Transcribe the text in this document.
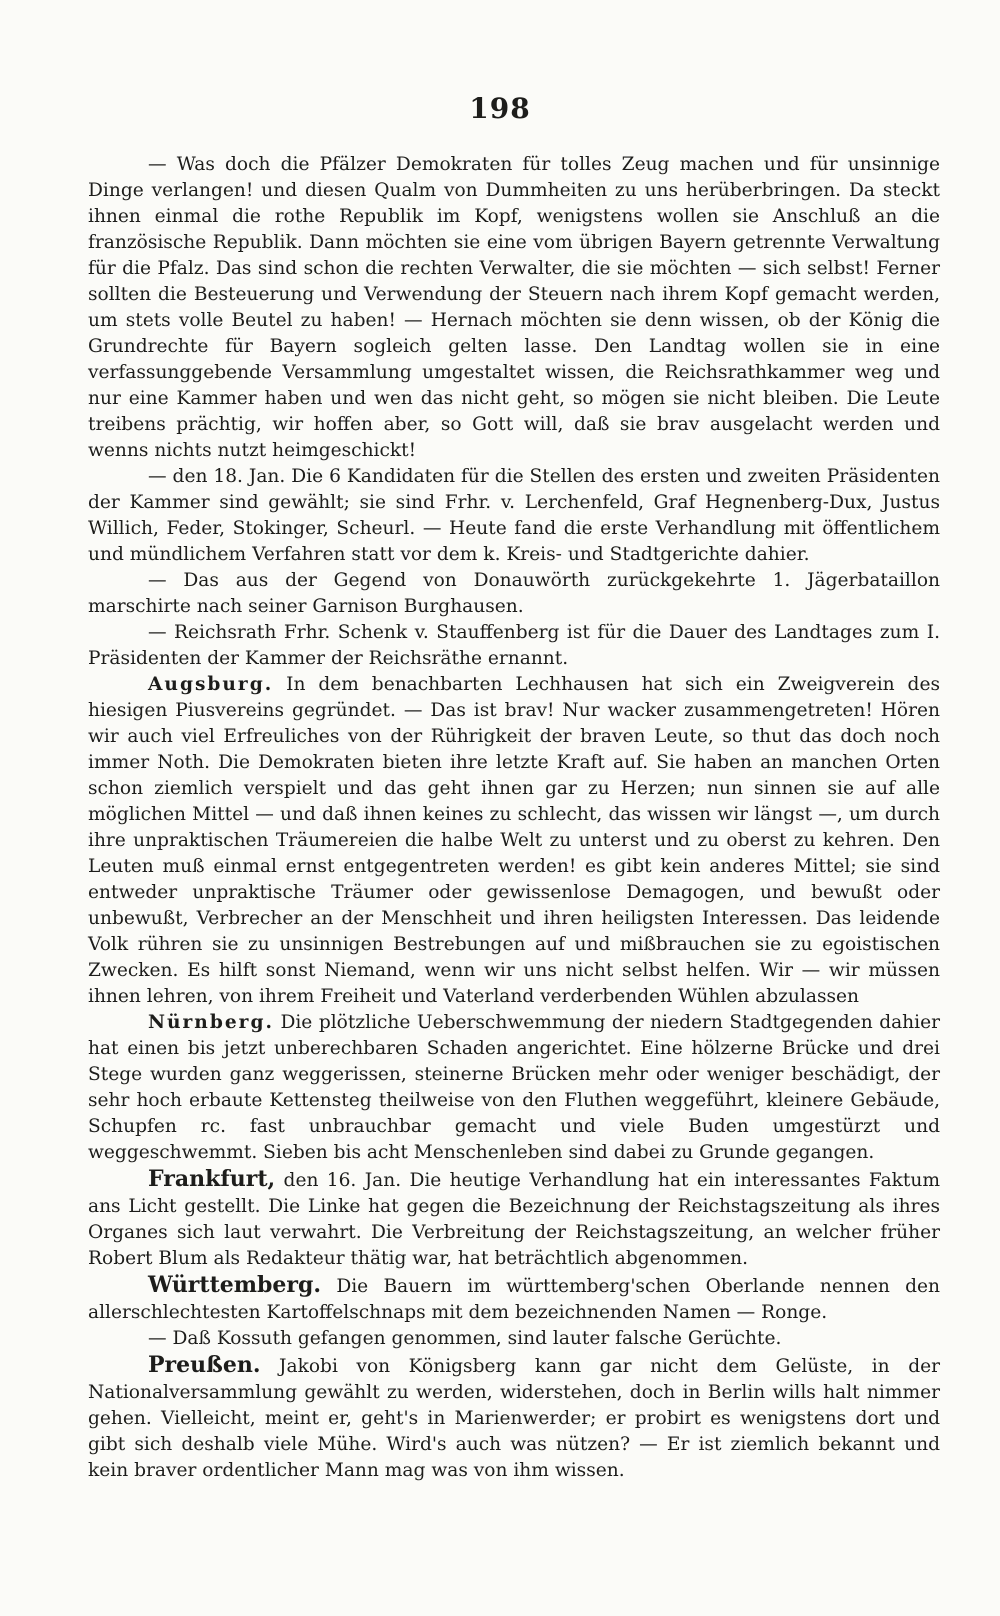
198

— Was doch die Pfälzer Demokraten für tolles Zeug machen und für unsinnige Dinge verlangen! und diesen Qualm von Dummheiten zu uns herüberbringen. Da steckt ihnen einmal die rothe Republik im Kopf, wenigstens wollen sie Anschluß an die französische Republik. Dann möchten sie eine vom übrigen Bayern getrennte Verwaltung für die Pfalz. Das sind schon die rechten Verwalter, die sie möchten — sich selbst! Ferner sollten die Besteuerung und Verwendung der Steuern nach ihrem Kopf gemacht werden, um stets volle Beutel zu haben! — Hernach möchten sie denn wissen, ob der König die Grundrechte für Bayern sogleich gelten lasse. Den Landtag wollen sie in eine verfassunggebende Versammlung umgestaltet wissen, die Reichsrathkammer weg und nur eine Kammer haben und wen das nicht geht, so mögen sie nicht bleiben. Die Leute treibens prächtig, wir hoffen aber, so Gott will, daß sie brav ausgelacht werden und wenns nichts nutzt heimgeschickt!

— den 18. Jan. Die 6 Kandidaten für die Stellen des ersten und zweiten Präsidenten der Kammer sind gewählt; sie sind Frhr. v. Lerchenfeld, Graf Hegnenberg-Dux, Justus Willich, Feder, Stokinger, Scheurl. — Heute fand die erste Verhandlung mit öffentlichem und mündlichem Verfahren statt vor dem k. Kreis- und Stadtgerichte dahier.

— Das aus der Gegend von Donauwörth zurückgekehrte 1. Jägerbataillon marschirte nach seiner Garnison Burghausen.

— Reichsrath Frhr. Schenk v. Stauffenberg ist für die Dauer des Landtages zum I. Präsidenten der Kammer der Reichsräthe ernannt.

Augsburg. In dem benachbarten Lechhausen hat sich ein Zweigverein des hiesigen Piusvereins gegründet. — Das ist brav! Nur wacker zusammengetreten! Hören wir auch viel Erfreuliches von der Rührigkeit der braven Leute, so thut das doch noch immer Noth. Die Demokraten bieten ihre letzte Kraft auf. Sie haben an manchen Orten schon ziemlich verspielt und das geht ihnen gar zu Herzen; nun sinnen sie auf alle möglichen Mittel — und daß ihnen keines zu schlecht, das wissen wir längst —, um durch ihre unpraktischen Träumereien die halbe Welt zu unterst und zu oberst zu kehren. Den Leuten muß einmal ernst entgegentreten werden! es gibt kein anderes Mittel; sie sind entweder unpraktische Träumer oder gewissenlose Demagogen, und bewußt oder unbewußt, Verbrecher an der Menschheit und ihren heiligsten Interessen. Das leidende Volk rühren sie zu unsinnigen Bestrebungen auf und mißbrauchen sie zu egoistischen Zwecken. Es hilft sonst Niemand, wenn wir uns nicht selbst helfen. Wir — wir müssen ihnen lehren, von ihrem Freiheit und Vaterland verderbenden Wühlen abzulassen

Nürnberg. Die plötzliche Ueberschwemmung der niedern Stadtgegenden dahier hat einen bis jetzt unberechbaren Schaden angerichtet. Eine hölzerne Brücke und drei Stege wurden ganz weggerissen, steinerne Brücken mehr oder weniger beschädigt, der sehr hoch erbaute Kettensteg theilweise von den Fluthen weggeführt, kleinere Gebäude, Schupfen rc. fast unbrauchbar gemacht und viele Buden umgestürzt und weggeschwemmt. Sieben bis acht Menschenleben sind dabei zu Grunde gegangen.

Frankfurt, den 16. Jan. Die heutige Verhandlung hat ein interessantes Faktum ans Licht gestellt. Die Linke hat gegen die Bezeichnung der Reichstagszeitung als ihres Organes sich laut verwahrt. Die Verbreitung der Reichstagszeitung, an welcher früher Robert Blum als Redakteur thätig war, hat beträchtlich abgenommen.

Württemberg. Die Bauern im württemberg'schen Oberlande nennen den allerschlechtesten Kartoffelschnaps mit dem bezeichnenden Namen — Ronge.

— Daß Kossuth gefangen genommen, sind lauter falsche Gerüchte.

Preußen. Jakobi von Königsberg kann gar nicht dem Gelüste, in der Nationalversammlung gewählt zu werden, widerstehen, doch in Berlin wills halt nimmer gehen. Vielleicht, meint er, geht's in Marienwerder; er probirt es wenigstens dort und gibt sich deshalb viele Mühe. Wird's auch was nützen? — Er ist ziemlich bekannt und kein braver ordentlicher Mann mag was von ihm wissen.
